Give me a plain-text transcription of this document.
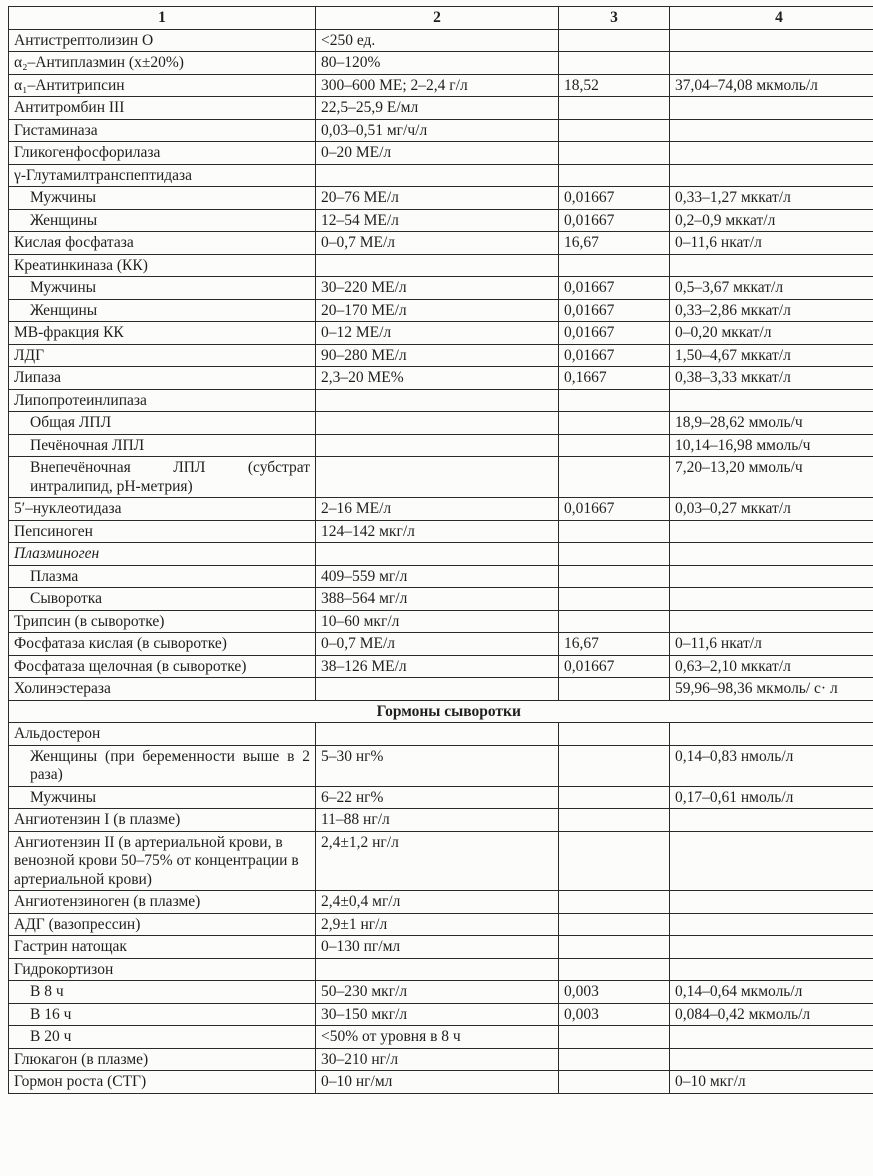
1	2	3	4
Антистрептолизин О	<250 ед.		
α₂–Антиплазмин (x±20%)	80–120%		
α₁–Антитрипсин	300–600 МЕ; 2–2,4 г/л	18,52	37,04–74,08 мкмоль/л
Антитромбин III	22,5–25,9 Е/мл		
Гистаминаза	0,03–0,51 мг/ч/л		
Гликогенфосфорилаза	0–20 МЕ/л		
γ-Глутамилтранспептидаза			
Мужчины	20–76 МЕ/л	0,01667	0,33–1,27 мккат/л
Женщины	12–54 МЕ/л	0,01667	0,2–0,9 мккат/л
Кислая фосфатаза	0–0,7 МЕ/л	16,67	0–11,6 нкат/л
Креатинкиназа (КК)			
Мужчины	30–220 МЕ/л	0,01667	0,5–3,67 мккат/л
Женщины	20–170 МЕ/л	0,01667	0,33–2,86 мккат/л
МВ-фракция КК	0–12 МЕ/л	0,01667	0–0,20 мккат/л
ЛДГ	90–280 МЕ/л	0,01667	1,50–4,67 мккат/л
Липаза	2,3–20 МЕ%	0,1667	0,38–3,33 мккат/л
Липопротеинлипаза			
Общая ЛПЛ			18,9–28,62 ммоль/ч
Печёночная ЛПЛ			10,14–16,98 ммоль/ч
Внепечёночная ЛПЛ (субстрат интралипид, pH-метрия)			7,20–13,20 ммоль/ч
5′–нуклеотидаза	2–16 МЕ/л	0,01667	0,03–0,27 мккат/л
Пепсиноген	124–142 мкг/л		
Плазминоген			
Плазма	409–559 мг/л		
Сыворотка	388–564 мг/л		
Трипсин (в сыворотке)	10–60 мкг/л		
Фосфатаза кислая (в сыворотке)	0–0,7 МЕ/л	16,67	0–11,6 нкат/л
Фосфатаза щелочная (в сыворотке)	38–126 МЕ/л	0,01667	0,63–2,10 мккат/л
Холинэстераза			59,96–98,36 мкмоль/ с· л
Гормоны сыворотки			
Альдостерон			
Женщины (при беременности выше в 2 раза)	5–30 нг%		0,14–0,83 нмоль/л
Мужчины	6–22 нг%		0,17–0,61 нмоль/л
Ангиотензин I (в плазме)	11–88 нг/л		
Ангиотензин II (в артериальной крови, в венозной крови 50–75% от концентрации в артериальной крови)	2,4±1,2 нг/л		
Ангиотензиноген (в плазме)	2,4±0,4 мг/л		
АДГ (вазопрессин)	2,9±1 нг/л		
Гастрин натощак	0–130 пг/мл		
Гидрокортизон			
В 8 ч	50–230 мкг/л	0,003	0,14–0,64 мкмоль/л
В 16 ч	30–150 мкг/л	0,003	0,084–0,42 мкмоль/л
В 20 ч	<50% от уровня в 8 ч		
Глюкагон (в плазме)	30–210 нг/л		
Гормон роста (СТГ)	0–10 нг/мл		0–10 мкг/л
